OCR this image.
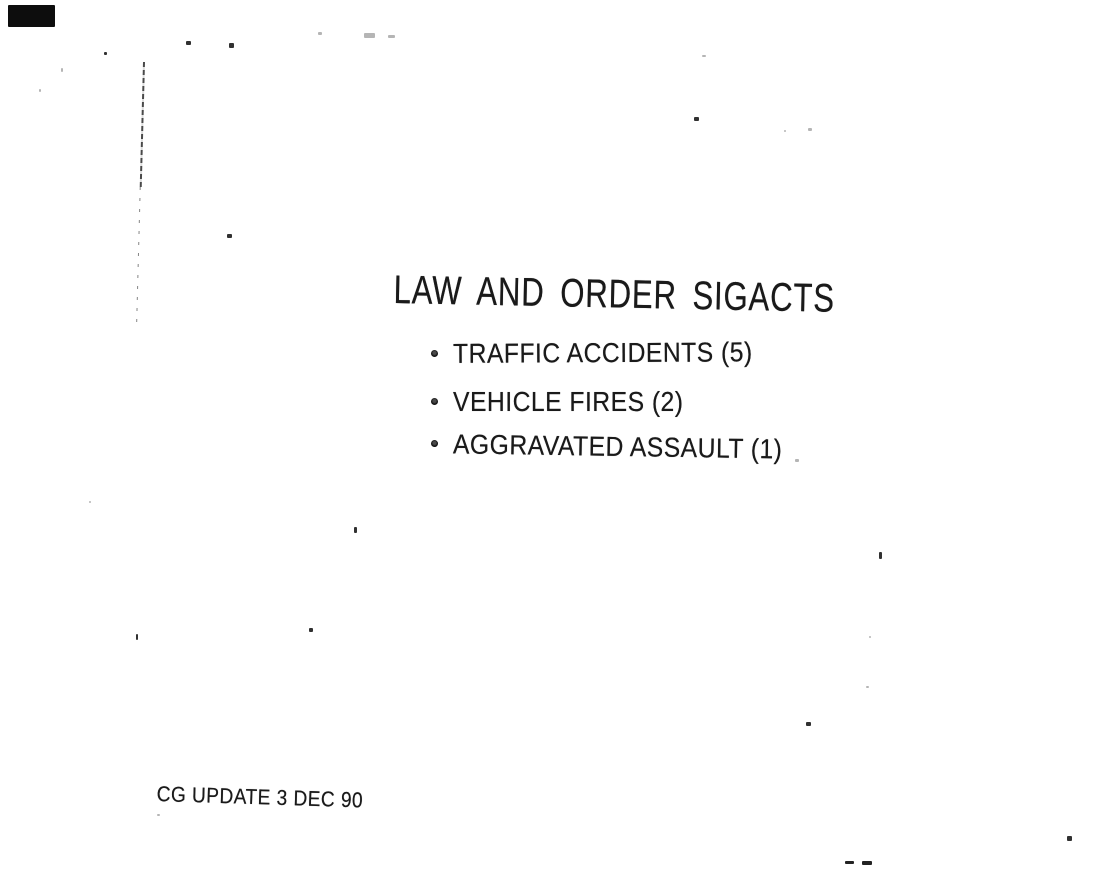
LAW AND ORDER SIGACTS
TRAFFIC ACCIDENTS (5)
VEHICLE FIRES (2)
AGGRAVATED ASSAULT (1)
CG UPDATE 3 DEC 90
